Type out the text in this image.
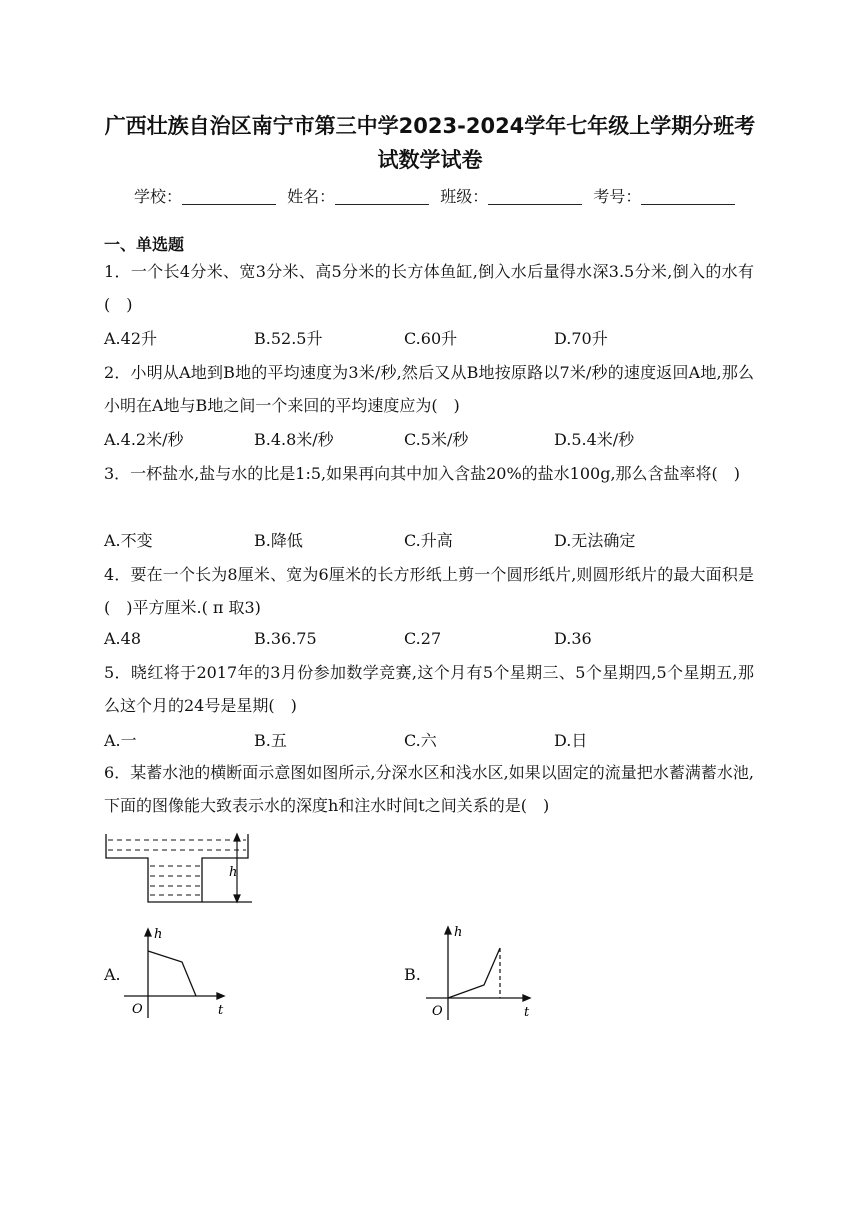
广西壮族自治区南宁市第三中学2023-2024学年七年级上学期分班考
试数学试卷
学校：	姓名：	班级：	考号：
一、单选题
1．一个长4分米、宽3分米、高5分米的长方体鱼缸,倒入水后量得水深3.5分米,倒入的水有( )
A.42升	B.52.5升	C.60升	D.70升
2．小明从A地到B地的平均速度为3米/秒,然后又从B地按原路以7米/秒的速度返回A地,那么小明在A地与B地之间一个来回的平均速度应为( )
A.4.2米/秒	B.4.8米/秒	C.5米/秒	D.5.4米/秒
3．一杯盐水,盐与水的比是1:5,如果再向其中加入含盐20%的盐水100g,那么含盐率将( )
A.不变	B.降低	C.升高	D.无法确定
4．要在一个长为8厘米、宽为6厘米的长方形纸上剪一个圆形纸片,则圆形纸片的最大面积是( )平方厘米.( π 取3)
A.48	B.36.75	C.27	D.36
5．晓红将于2017年的3月份参加数学竞赛,这个月有5个星期三、5个星期四,5个星期五,那么这个月的24号是星期( )
A.一	B.五	C.六	D.日
6．某蓄水池的横断面示意图如图所示,分深水区和浅水区,如果以固定的流量把水蓄满蓄水池,下面的图像能大致表示水的深度h和注水时间t之间关系的是( )
h
A.
h
t
O
B.
h
t
O
